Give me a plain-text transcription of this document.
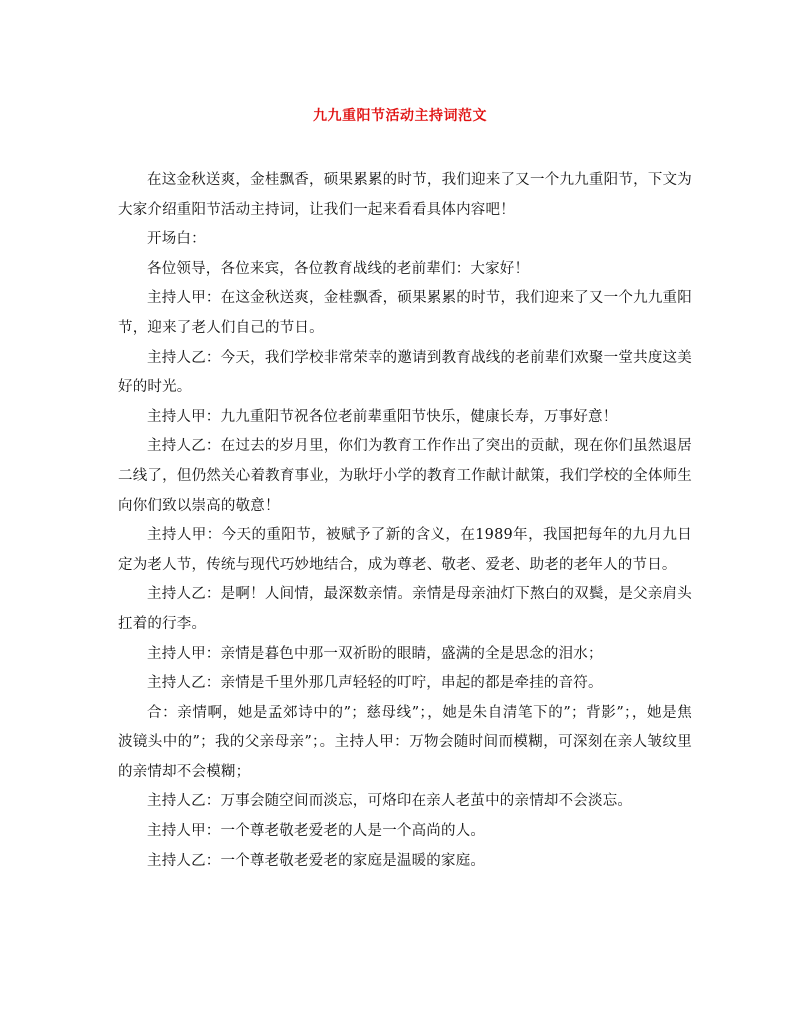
九九重阳节活动主持词范文

在这金秋送爽，金桂飘香，硕果累累的时节，我们迎来了又一个九九重阳节，下文为大家介绍重阳节活动主持词，让我们一起来看看具体内容吧！

开场白：

各位领导，各位来宾，各位教育战线的老前辈们：大家好！

主持人甲：在这金秋送爽，金桂飘香，硕果累累的时节，我们迎来了又一个九九重阳节，迎来了老人们自己的节日。

主持人乙：今天，我们学校非常荣幸的邀请到教育战线的老前辈们欢聚一堂共度这美好的时光。

主持人甲：九九重阳节祝各位老前辈重阳节快乐，健康长寿，万事好意！

主持人乙：在过去的岁月里，你们为教育工作作出了突出的贡献，现在你们虽然退居二线了，但仍然关心着教育事业，为耿圩小学的教育工作献计献策，我们学校的全体师生向你们致以崇高的敬意！

主持人甲：今天的重阳节，被赋予了新的含义，在1989年，我国把每年的九月九日定为老人节，传统与现代巧妙地结合，成为尊老、敬老、爱老、助老的老年人的节日。

主持人乙：是啊！人间情，最深数亲情。亲情是母亲油灯下熬白的双鬓，是父亲肩头扛着的行李。

主持人甲：亲情是暮色中那一双祈盼的眼睛，盛满的全是思念的泪水；

主持人乙：亲情是千里外那几声轻轻的叮咛，串起的都是牵挂的音符。

合：亲情啊，她是孟郊诗中的”；慈母线”；，她是朱自清笔下的”；背影”；，她是焦波镜头中的”；我的父亲母亲”；。主持人甲：万物会随时间而模糊，可深刻在亲人皱纹里的亲情却不会模糊；

主持人乙：万事会随空间而淡忘，可烙印在亲人老茧中的亲情却不会淡忘。

主持人甲：一个尊老敬老爱老的人是一个高尚的人。

主持人乙：一个尊老敬老爱老的家庭是温暖的家庭。
